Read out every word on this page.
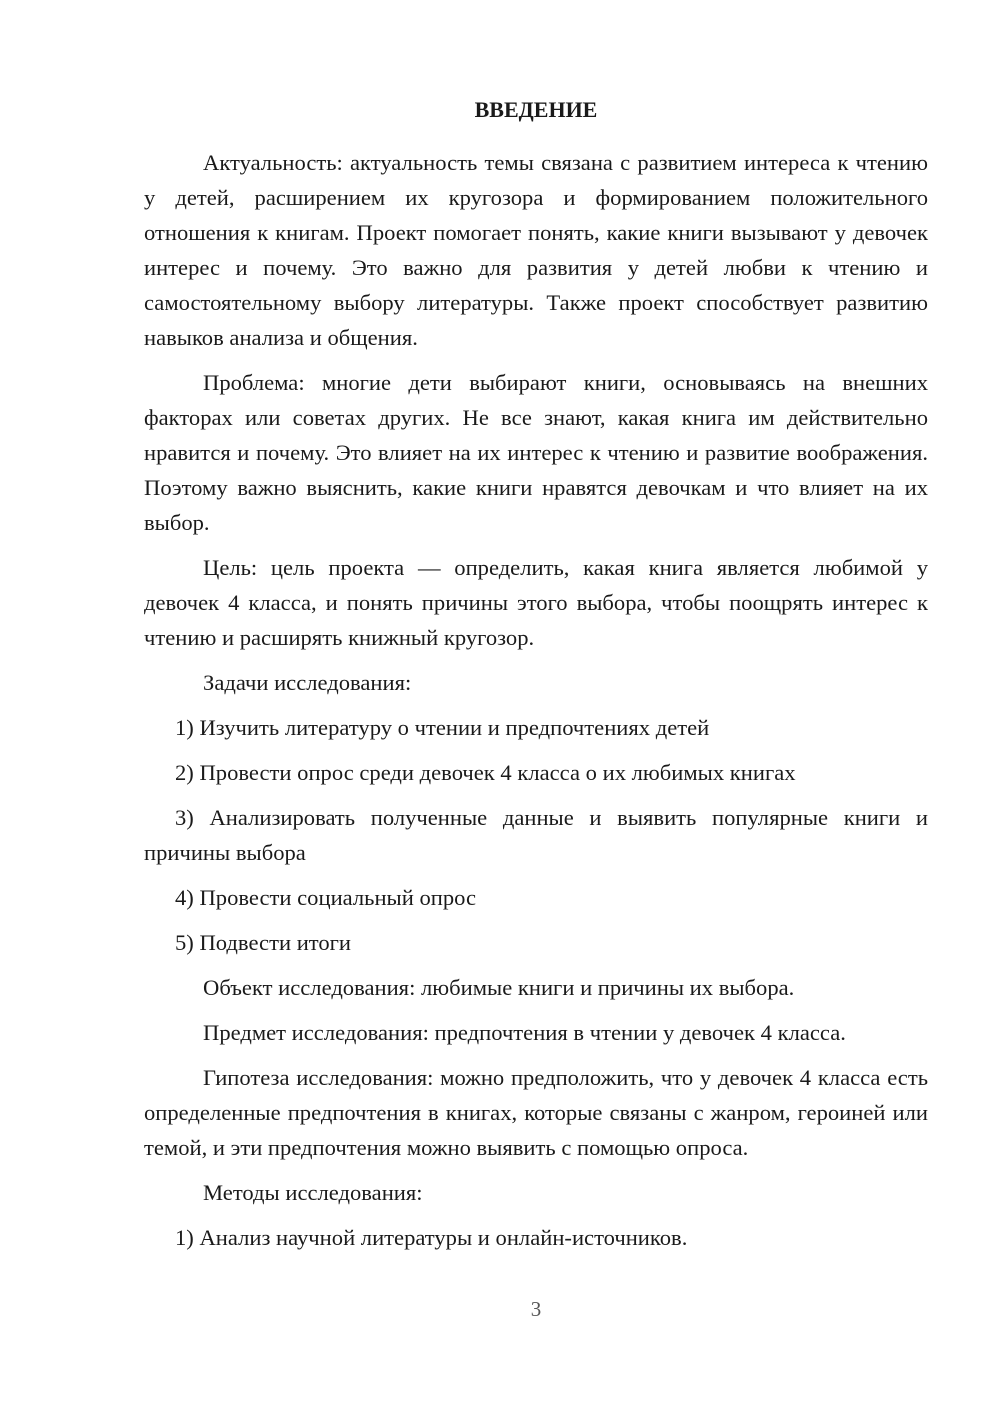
ВВЕДЕНИЕ

Актуальность: актуальность темы связана с развитием интереса к чтению у детей, расширением их кругозора и формированием положительного отношения к книгам. Проект помогает понять, какие книги вызывают у девочек интерес и почему. Это важно для развития у детей любви к чтению и самостоятельному выбору литературы. Также проект способствует развитию навыков анализа и общения.

Проблема: многие дети выбирают книги, основываясь на внешних факторах или советах других. Не все знают, какая книга им действительно нравится и почему. Это влияет на их интерес к чтению и развитие воображения. Поэтому важно выяснить, какие книги нравятся девочкам и что влияет на их выбор.

Цель: цель проекта — определить, какая книга является любимой у девочек 4 класса, и понять причины этого выбора, чтобы поощрять интерес к чтению и расширять книжный кругозор.

Задачи исследования:

1) Изучить литературу о чтении и предпочтениях детей

2) Провести опрос среди девочек 4 класса о их любимых книгах

3) Анализировать полученные данные и выявить популярные книги и причины выбора

4) Провести социальный опрос

5) Подвести итоги

Объект исследования: любимые книги и причины их выбора.

Предмет исследования: предпочтения в чтении у девочек 4 класса.

Гипотеза исследования: можно предположить, что у девочек 4 класса есть определенные предпочтения в книгах, которые связаны с жанром, героиней или темой, и эти предпочтения можно выявить с помощью опроса.

Методы исследования:

1) Анализ научной литературы и онлайн-источников.

3
